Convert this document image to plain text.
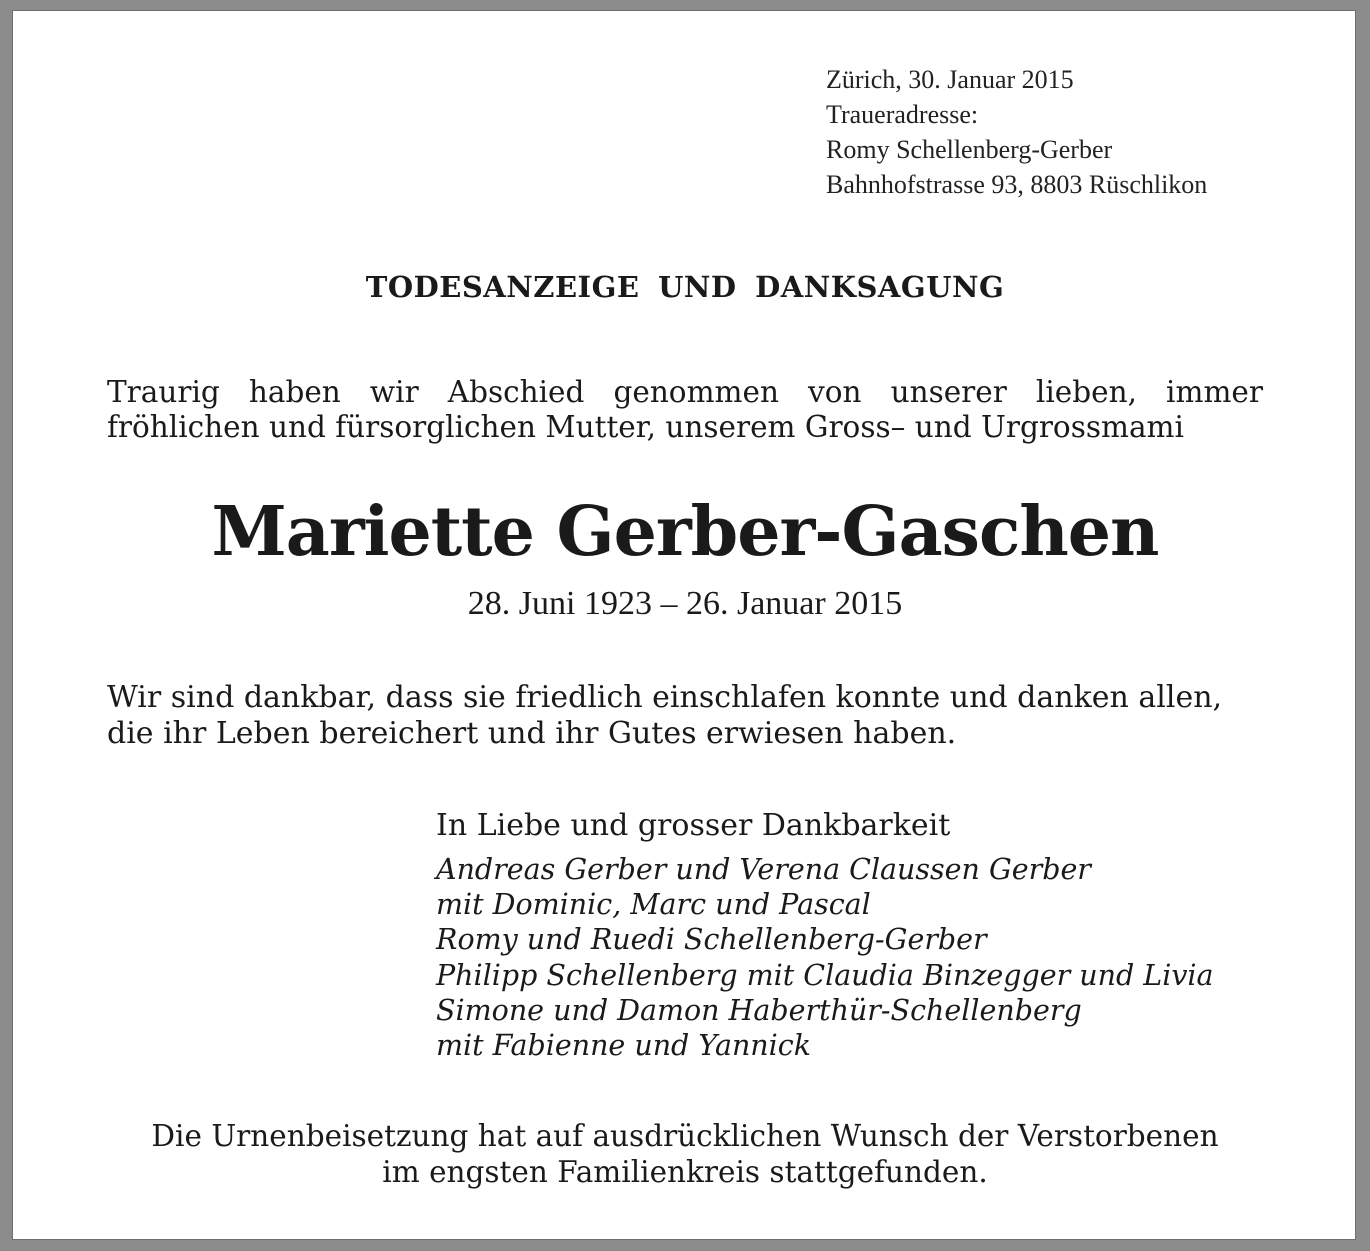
Zürich, 30. Januar 2015
Traueradresse:
Romy Schellenberg-Gerber
Bahnhofstrasse 93, 8803 Rüschlikon
TODESANZEIGE UND DANKSAGUNG
Traurig haben wir Abschied genommen von unserer lieben, immer
fröhlichen und fürsorglichen Mutter, unserem Gross– und Urgrossmami
Mariette Gerber-Gaschen
28. Juni 1923 – 26. Januar 2015
Wir sind dankbar, dass sie friedlich einschlafen konnte und danken allen,
die ihr Leben bereichert und ihr Gutes erwiesen haben.
In Liebe und grosser Dankbarkeit
Andreas Gerber und Verena Claussen Gerber
mit Dominic, Marc und Pascal
Romy und Ruedi Schellenberg-Gerber
Philipp Schellenberg mit Claudia Binzegger und Livia
Simone und Damon Haberthür-Schellenberg
mit Fabienne und Yannick
Die Urnenbeisetzung hat auf ausdrücklichen Wunsch der Verstorbenen
im engsten Familienkreis stattgefunden.
